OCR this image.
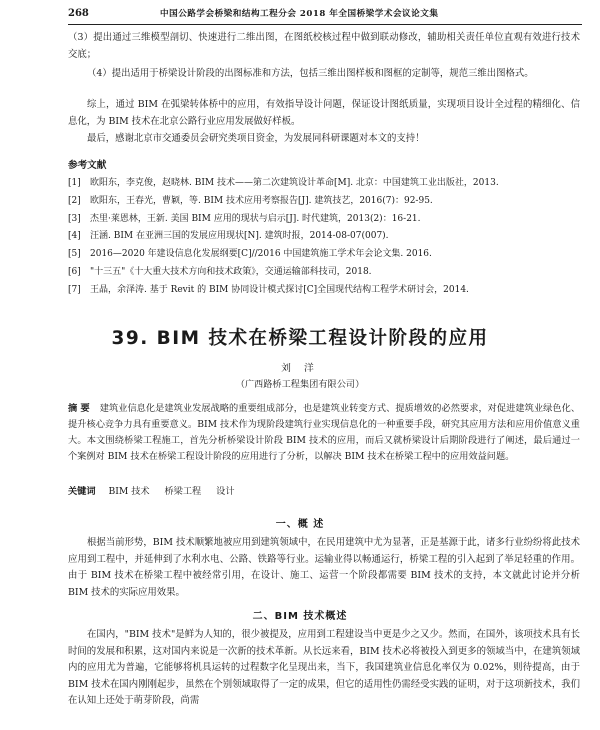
268	中国公路学会桥梁和结构工程分会 2018 年全国桥梁学术会议论文集

（3）提出通过三维模型剖切、快速进行二维出图，在图纸校核过程中做到联动修改，辅助相关责任单位直观有效进行技术交底；

（4）提出适用于桥梁设计阶段的出图标准和方法，包括三维出图样板和图框的定制等，规范三维出图格式。

综上，通过 BIM 在弧梁转体桥中的应用，有效指导设计问题，保证设计图纸质量，实现项目设计全过程的精细化、信息化，为 BIM 技术在北京公路行业应用发展做好样板。

最后，感谢北京市交通委员会研究类项目资金，为发展同科研课题对本文的支持！

参考文献
[1] 欧阳东，李克俊，赵晓林. BIM 技术——第二次建筑设计革命[M]. 北京：中国建筑工业出版社，2013.
[2] 欧阳东，王春光，曹颖，等. BIM 技术应用考察报告[J]. 建筑技艺，2016(7)：92-95.
[3] 杰里·莱恩林，王新. 美国 BIM 应用的现状与启示[J]. 时代建筑，2013(2)：16-21.
[4] 汪涵. BIM 在亚洲三国的发展应用现状[N]. 建筑时报，2014-08-07(007).
[5] 2016—2020 年建设信息化发展纲要[C]//2016 中国建筑施工学术年会论文集. 2016.
[6] "十三五"《十大重大技术方向和技术政策》，交通运输部科技司，2018.
[7] 王晶，余泽涛. 基于 Revit 的 BIM 协同设计模式探讨[C]全国现代结构工程学术研讨会，2014.
39. BIM 技术在桥梁工程设计阶段的应用
刘 洋
（广西路桥工程集团有限公司）
摘 要 建筑业信息化是建筑业发展战略的重要组成部分，也是建筑业转变方式、提质增效的必然要求，对促进建筑业绿色化、提升核心竞争力具有重要意义。BIM 技术作为现阶段建筑行业实现信息化的一种重要手段，研究其应用方法和应用价值意义重大。本文围绕桥梁工程施工，首先分析桥梁设计阶段 BIM 技术的应用，而后又就桥梁设计后期阶段进行了阐述，最后通过一个案例对 BIM 技术在桥梁工程设计阶段的应用进行了分析，以解决 BIM 技术在桥梁工程中的应用效益问题。
关键词 BIM 技术 桥梁工程 设计
一、概 述

根据当前形势，BIM 技术顺繁地被应用到建筑领域中，在民用建筑中尤为显著，正是基源于此，诸多行业纷纷将此技术应用到工程中，并延伸到了水利水电、公路、铁路等行业。运输业得以畅通运行，桥梁工程的引入起到了举足轻重的作用。由于 BIM 技术在桥梁工程中被经常引用，在设计、施工、运营一个阶段都需要 BIM 技术的支持，本文就此讨论并分析 BIM 技术的实际应用效果。

二、BIM 技术概述

在国内，"BIM 技术"是鲜为人知的，很少被提及，应用到工程建设当中更是少之又少。然而，在国外，该项技术具有长时间的发展和积累，这对国内来说是一次新的技术革新。从长远来看，BIM 技术必将被投入到更多的领域当中，在建筑领域内的应用尤为普遍，它能够将机具运转的过程数字化呈现出来，当下，我国建筑业信息化率仅为 0.02%，则待提高，由于 BIM 技术在国内刚刚起步，虽然在个别领域取得了一定的成果，但它的适用性仍需经受实践的证明，对于这项新技术，我们在认知上还处于萌芽阶段，尚需
